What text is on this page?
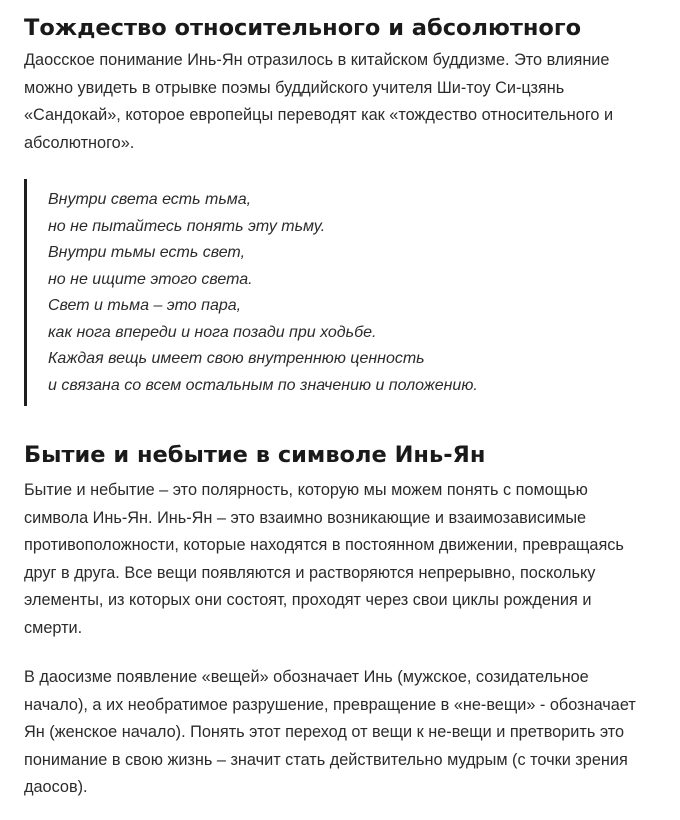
Тождество относительного и абсолютного
Даосское понимание Инь-Ян отразилось в китайском буддизме. Это влияние
можно увидеть в отрывке поэмы буддийского учителя Ши-тоу Си-цзянь
«Сандокай», которое европейцы переводят как «тождество относительного и
абсолютного».
Внутри света есть тьма,
но не пытайтесь понять эту тьму.
Внутри тьмы есть свет,
но не ищите этого света.
Свет и тьма – это пара,
как нога впереди и нога позади при ходьбе.
Каждая вещь имеет свою внутреннюю ценность
и связана со всем остальным по значению и положению.
Бытие и небытие в символе Инь-Ян
Бытие и небытие – это полярность, которую мы можем понять с помощью
символа Инь-Ян. Инь-Ян – это взаимно возникающие и взаимозависимые
противоположности, которые находятся в постоянном движении, превращаясь
друг в друга. Все вещи появляются и растворяются непрерывно, поскольку
элементы, из которых они состоят, проходят через свои циклы рождения и
смерти.
В даосизме появление «вещей» обозначает Инь (мужское, созидательное
начало), а их необратимое разрушение, превращение в «не-вещи» - обозначает
Ян (женское начало). Понять этот переход от вещи к не-вещи и претворить это
понимание в свою жизнь – значит стать действительно мудрым (с точки зрения
даосов).
